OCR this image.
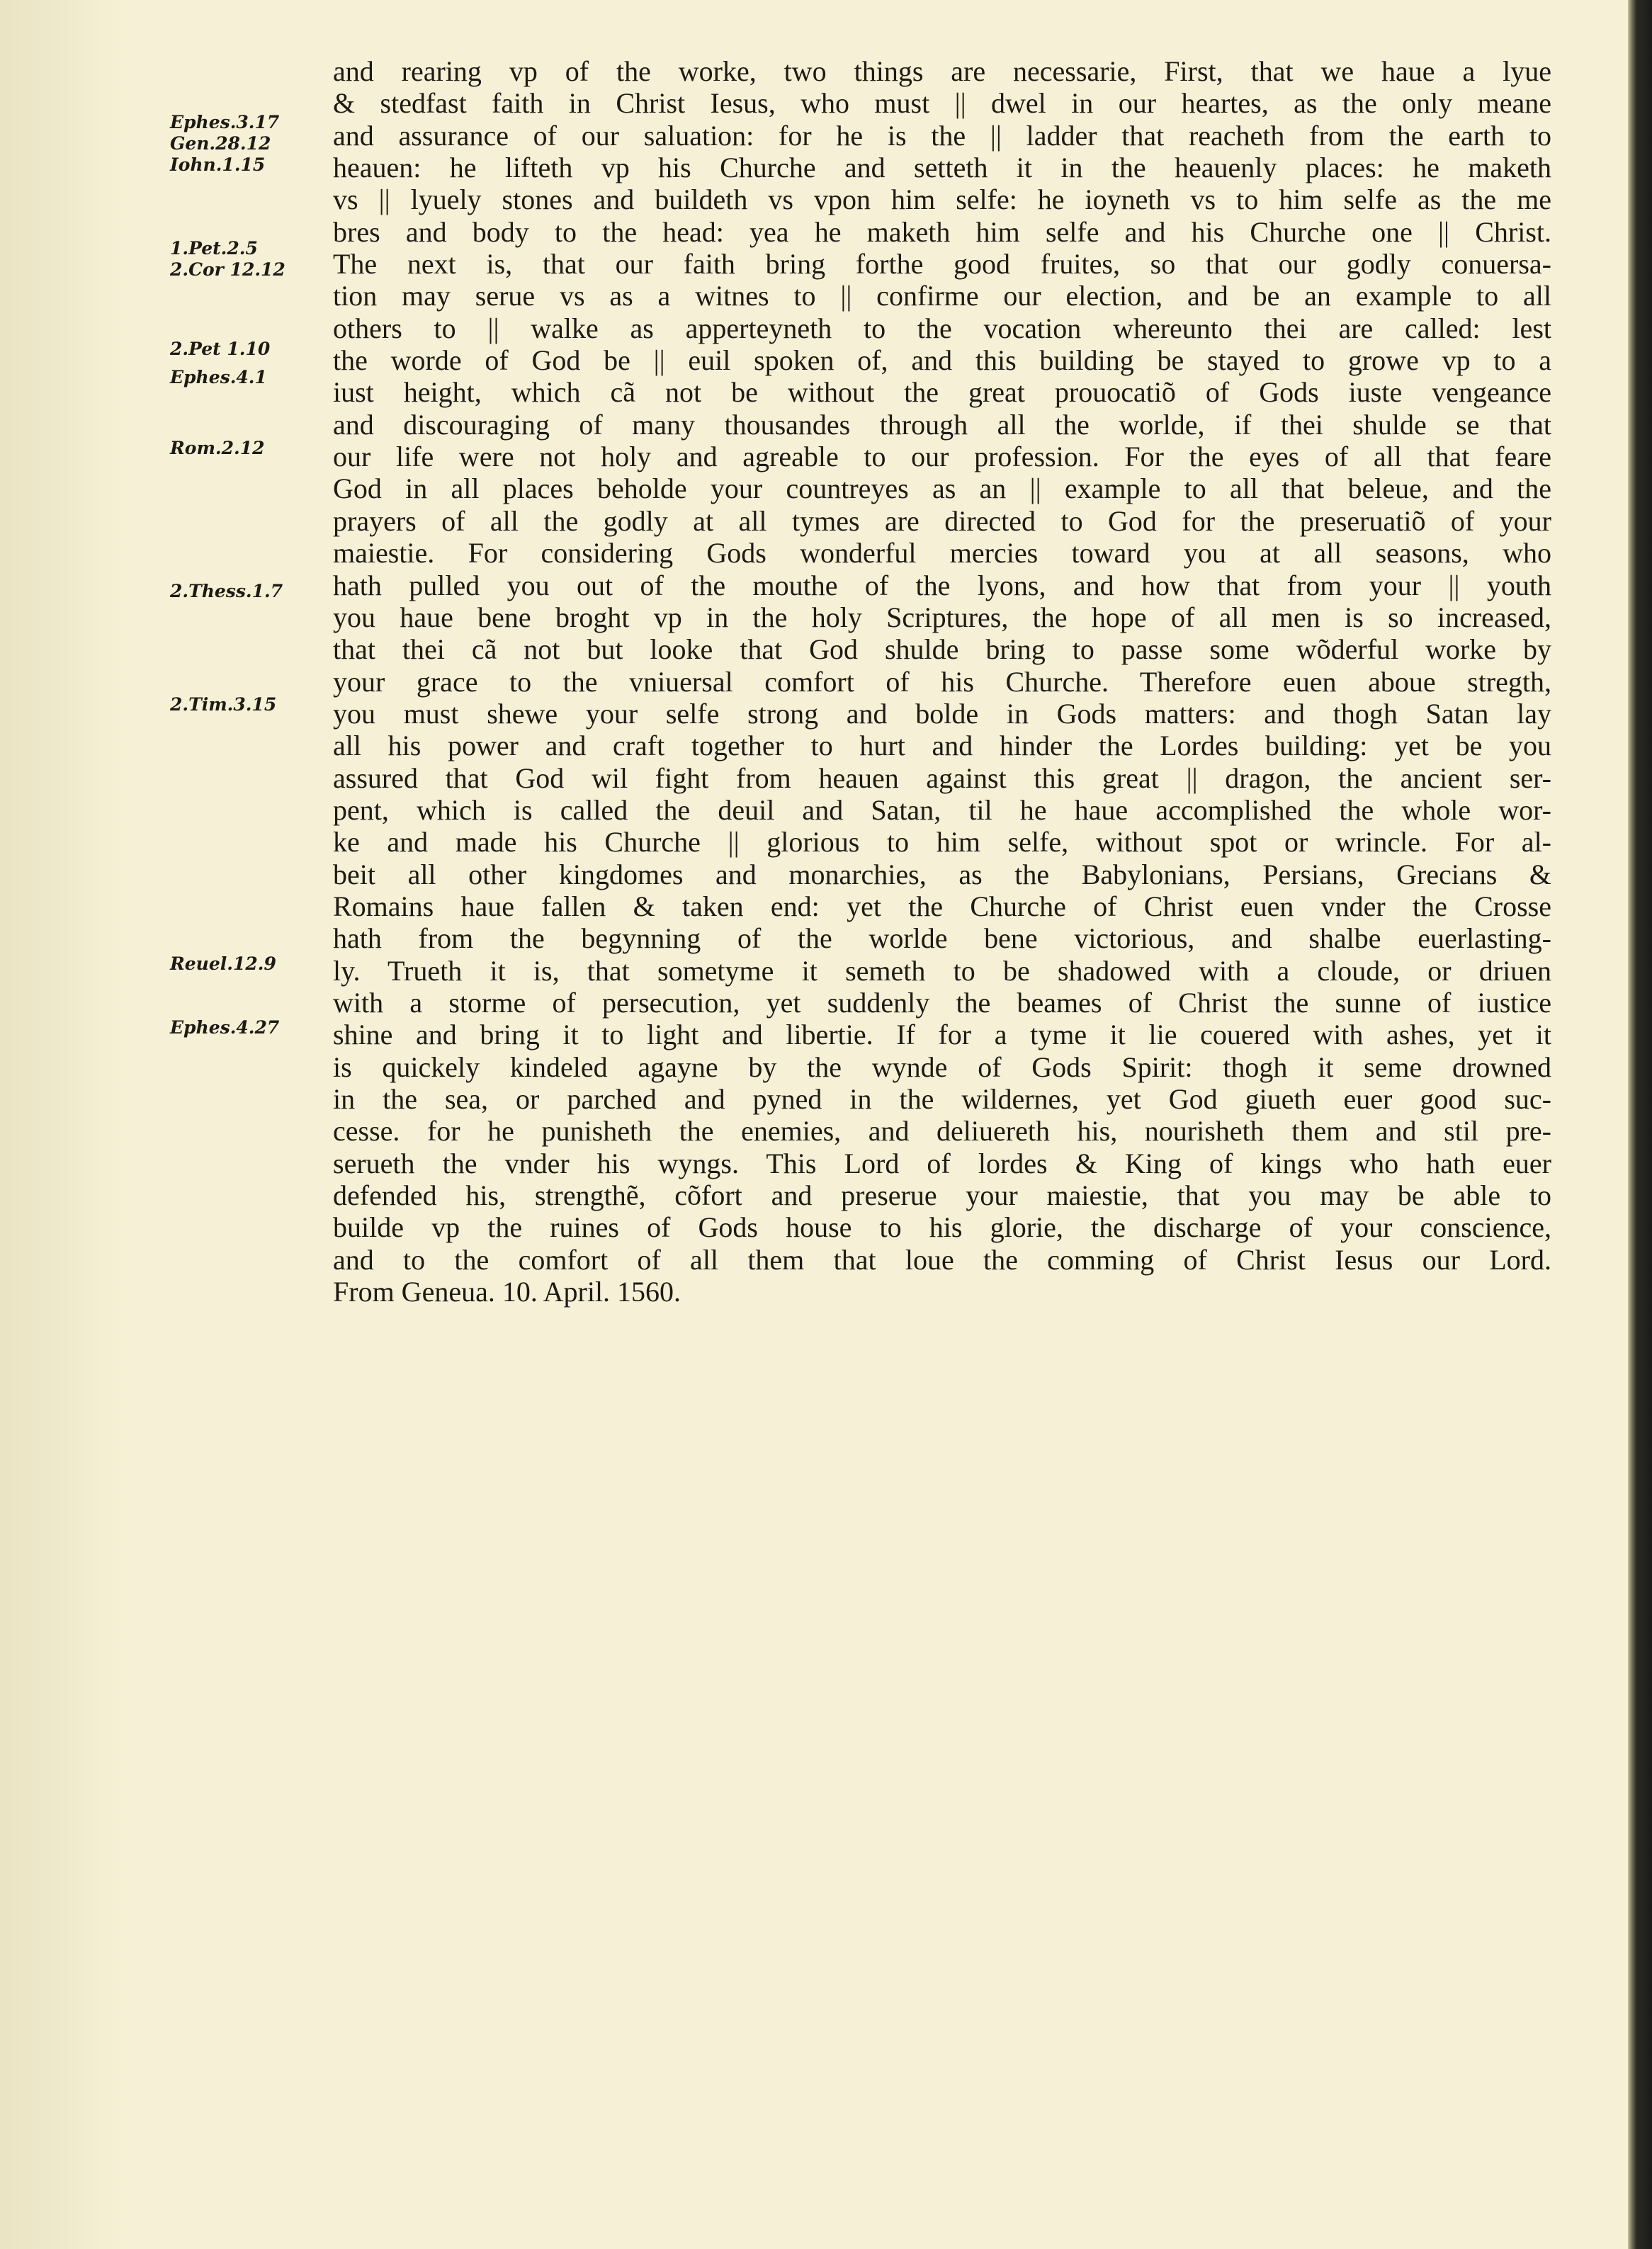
Ephes.3.17
Gen.28.12
Iohn.1.15
1.Pet.2.5
2.Cor 12.12
2.Pet 1.10
Ephes.4.1
Rom.2.12
2.Thess.1.7
2.Tim.3.15
Reuel.12.9
Ephes.4.27
and rearing vp of the worke, two things are necessarie, First, that we haue a lyue
& stedfast faith in Christ Iesus, who must || dwel in our heartes, as the only meane
and assurance of our saluation: for he is the || ladder that reacheth from the earth to
heauen: he lifteth vp his Churche and setteth it in the heauenly places: he maketh
vs || lyuely stones and buildeth vs vpon him selfe: he ioyneth vs to him selfe as the me
bres and body to the head: yea he maketh him selfe and his Churche one || Christ.
The next is, that our faith bring forthe good fruites, so that our godly conuersa-
tion may serue vs as a witnes to || confirme our election, and be an example to all
others to || walke as apperteyneth to the vocation whereunto thei are called: lest
the worde of God be || euil spoken of, and this building be stayed to growe vp to a
iust height, which cã not be without the great prouocatiõ of Gods iuste vengeance
and discouraging of many thousandes through all the worlde, if thei shulde se that
our life were not holy and agreable to our profession. For the eyes of all that feare
God in all places beholde your countreyes as an || example to all that beleue, and the
prayers of all the godly at all tymes are directed to God for the preseruatiõ of your
maiestie. For considering Gods wonderful mercies toward you at all seasons, who
hath pulled you out of the mouthe of the lyons, and how that from your || youth
you haue bene broght vp in the holy Scriptures, the hope of all men is so increased,
that thei cã not but looke that God shulde bring to passe some wõderful worke by
your grace to the vniuersal comfort of his Churche. Therefore euen aboue stregth,
you must shewe your selfe strong and bolde in Gods matters: and thogh Satan lay
all his power and craft together to hurt and hinder the Lordes building: yet be you
assured that God wil fight from heauen against this great || dragon, the ancient ser-
pent, which is called the deuil and Satan, til he haue accomplished the whole wor-
ke and made his Churche || glorious to him selfe, without spot or wrincle. For al-
beit all other kingdomes and monarchies, as the Babylonians, Persians, Grecians &
Romains haue fallen & taken end: yet the Churche of Christ euen vnder the Crosse
hath from the begynning of the worlde bene victorious, and shalbe euerlasting-
ly. Trueth it is, that sometyme it semeth to be shadowed with a cloude, or driuen
with a storme of persecution, yet suddenly the beames of Christ the sunne of iustice
shine and bring it to light and libertie. If for a tyme it lie couered with ashes, yet it
is quickely kindeled agayne by the wynde of Gods Spirit: thogh it seme drowned
in the sea, or parched and pyned in the wildernes, yet God giueth euer good suc-
cesse. for he punisheth the enemies, and deliuereth his, nourisheth them and stil pre-
serueth the vnder his wyngs. This Lord of lordes & King of kings who hath euer
defended his, strengthẽ, cõfort and preserue your maiestie, that you may be able to
builde vp the ruines of Gods house to his glorie, the discharge of your conscience,
and to the comfort of all them that loue the comming of Christ Iesus our Lord.
From Geneua. 10. April. 1560.
